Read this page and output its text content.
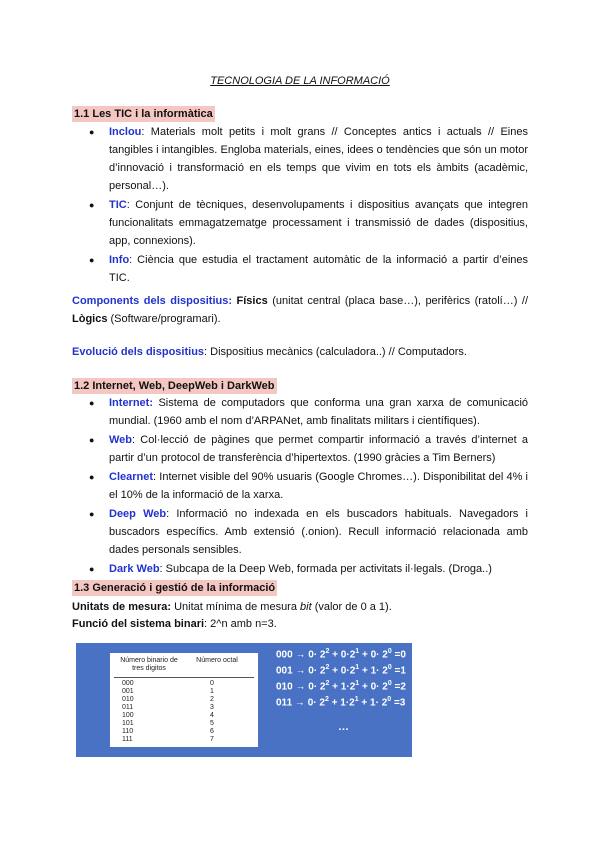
TECNOLOGIA DE LA INFORMACIÓ
1.1 Les TIC i la informàtica
● Inclou: Materials molt petits i molt grans // Conceptes antics i actuals // Eines tangibles i intangibles. Engloba materials, eines, idees o tendències que són un motor d’innovació i transformació en els temps que vivim en tots els àmbits (acadèmic, personal…).
● TIC: Conjunt de tècniques, desenvolupaments i dispositius avançats que integren funcionalitats emmagatzematge processament i transmissió de dades (dispositius, app, connexions).
● Info: Ciència que estudia el tractament automàtic de la informació a partir d’eines TIC.
Components dels dispositius: Físics (unitat central (placa base…), perifèrics (ratolí…) // Lògics (Software/programari).
Evolució dels dispositius: Dispositius mecànics (calculadora..) // Computadors.
1.2 Internet, Web, DeepWeb i DarkWeb
● Internet: Sistema de computadors que conforma una gran xarxa de comunicació mundial. (1960 amb el nom d’ARPANet, amb finalitats militars i científiques).
● Web: Col·lecció de pàgines que permet compartir informació a través d’internet a partir d’un protocol de transferència d’hipertextos. (1990 gràcies a Tim Berners)
● Clearnet: Internet visible del 90% usuaris (Google Chromes…). Disponibilitat del 4% i el 10% de la informació de la xarxa.
● Deep Web: Informació no indexada en els buscadors habituals. Navegadors i buscadors específics. Amb extensió (.onion). Recull informació relacionada amb dades personals sensibles.
● Dark Web: Subcapa de la Deep Web, formada per activitats il·legals. (Droga..)
1.3 Generació i gestió de la informació
Unitats de mesura: Unitat mínima de mesura bit (valor de 0 a 1).
Funció del sistema binari: 2^n amb n=3.
Número binario de tres digitos
Número octal
000	0
001	1
010	2
011	3
100	4
101	5
110	6
111	7
$000 \to 0\cdot 2^2 + 0\cdot 2^1 + 0\cdot 2^0 =0$
$001 \to 0\cdot 2^2 + 0\cdot 2^1 + 1\cdot 2^0 =1$
$010 \to 0\cdot 2^2 + 1\cdot 2^1 + 0\cdot 2^0 =2$
$011 \to 0\cdot 2^2 + 1\cdot 2^1 + 1\cdot 2^0 =3$
…
